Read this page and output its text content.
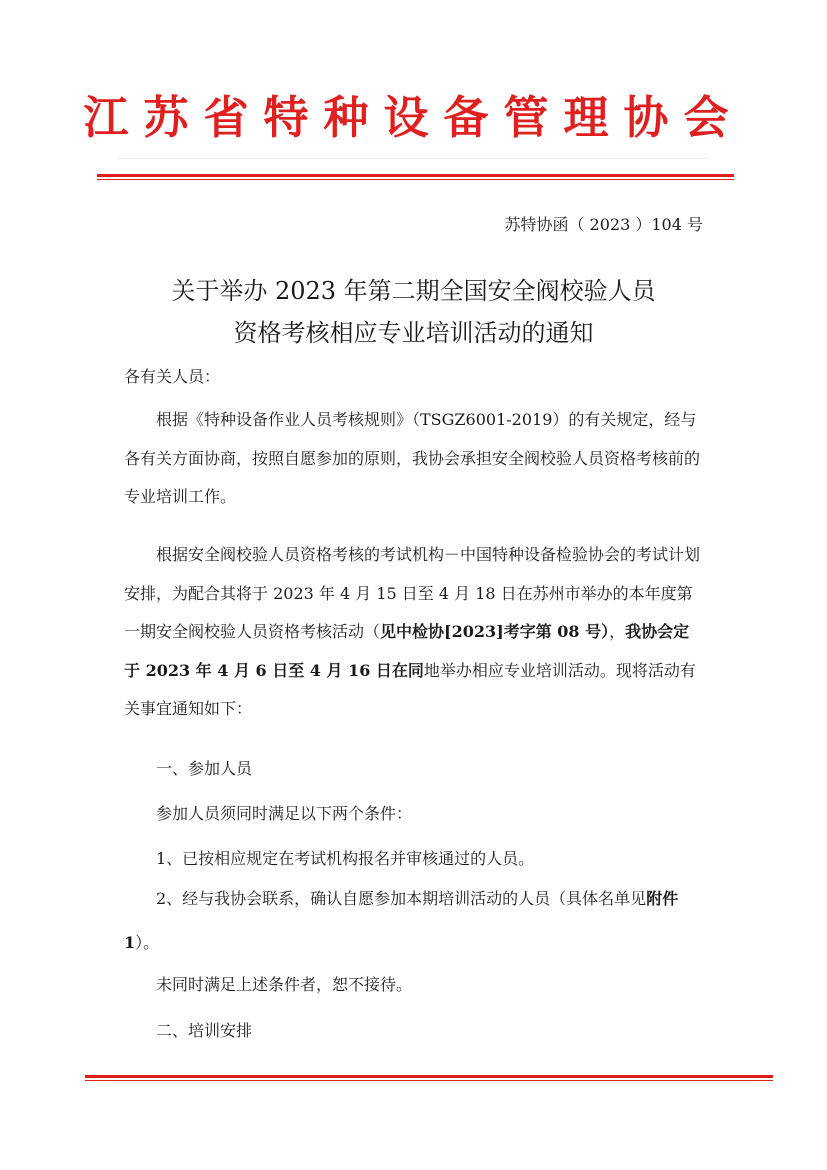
江苏省特种设备管理协会
苏特协函（ 2023 ）104 号
关于举办 2023 年第二期全国安全阀校验人员
资格考核相应专业培训活动的通知
各有关人员：

根据《特种设备作业人员考核规则》（TSGZ6001-2019）的有关规定，经与各有关方面协商，按照自愿参加的原则，我协会承担安全阀校验人员资格考核前的专业培训工作。

根据安全阀校验人员资格考核的考试机构－中国特种设备检验协会的考试计划安排，为配合其将于 2023 年 4 月 15 日至 4 月 18 日在苏州市举办的本年度第一期安全阀校验人员资格考核活动（见中检协[2023]考字第 08 号），我协会定于 2023 年 4 月 6 日至 4 月 16 日在同地举办相应专业培训活动。现将活动有关事宜通知如下：

一、参加人员
参加人员须同时满足以下两个条件：
1、已按相应规定在考试机构报名并审核通过的人员。

2、经与我协会联系，确认自愿参加本期培训活动的人员（具体名单见附件 1）。

未同时满足上述条件者，恕不接待。
二、培训安排
